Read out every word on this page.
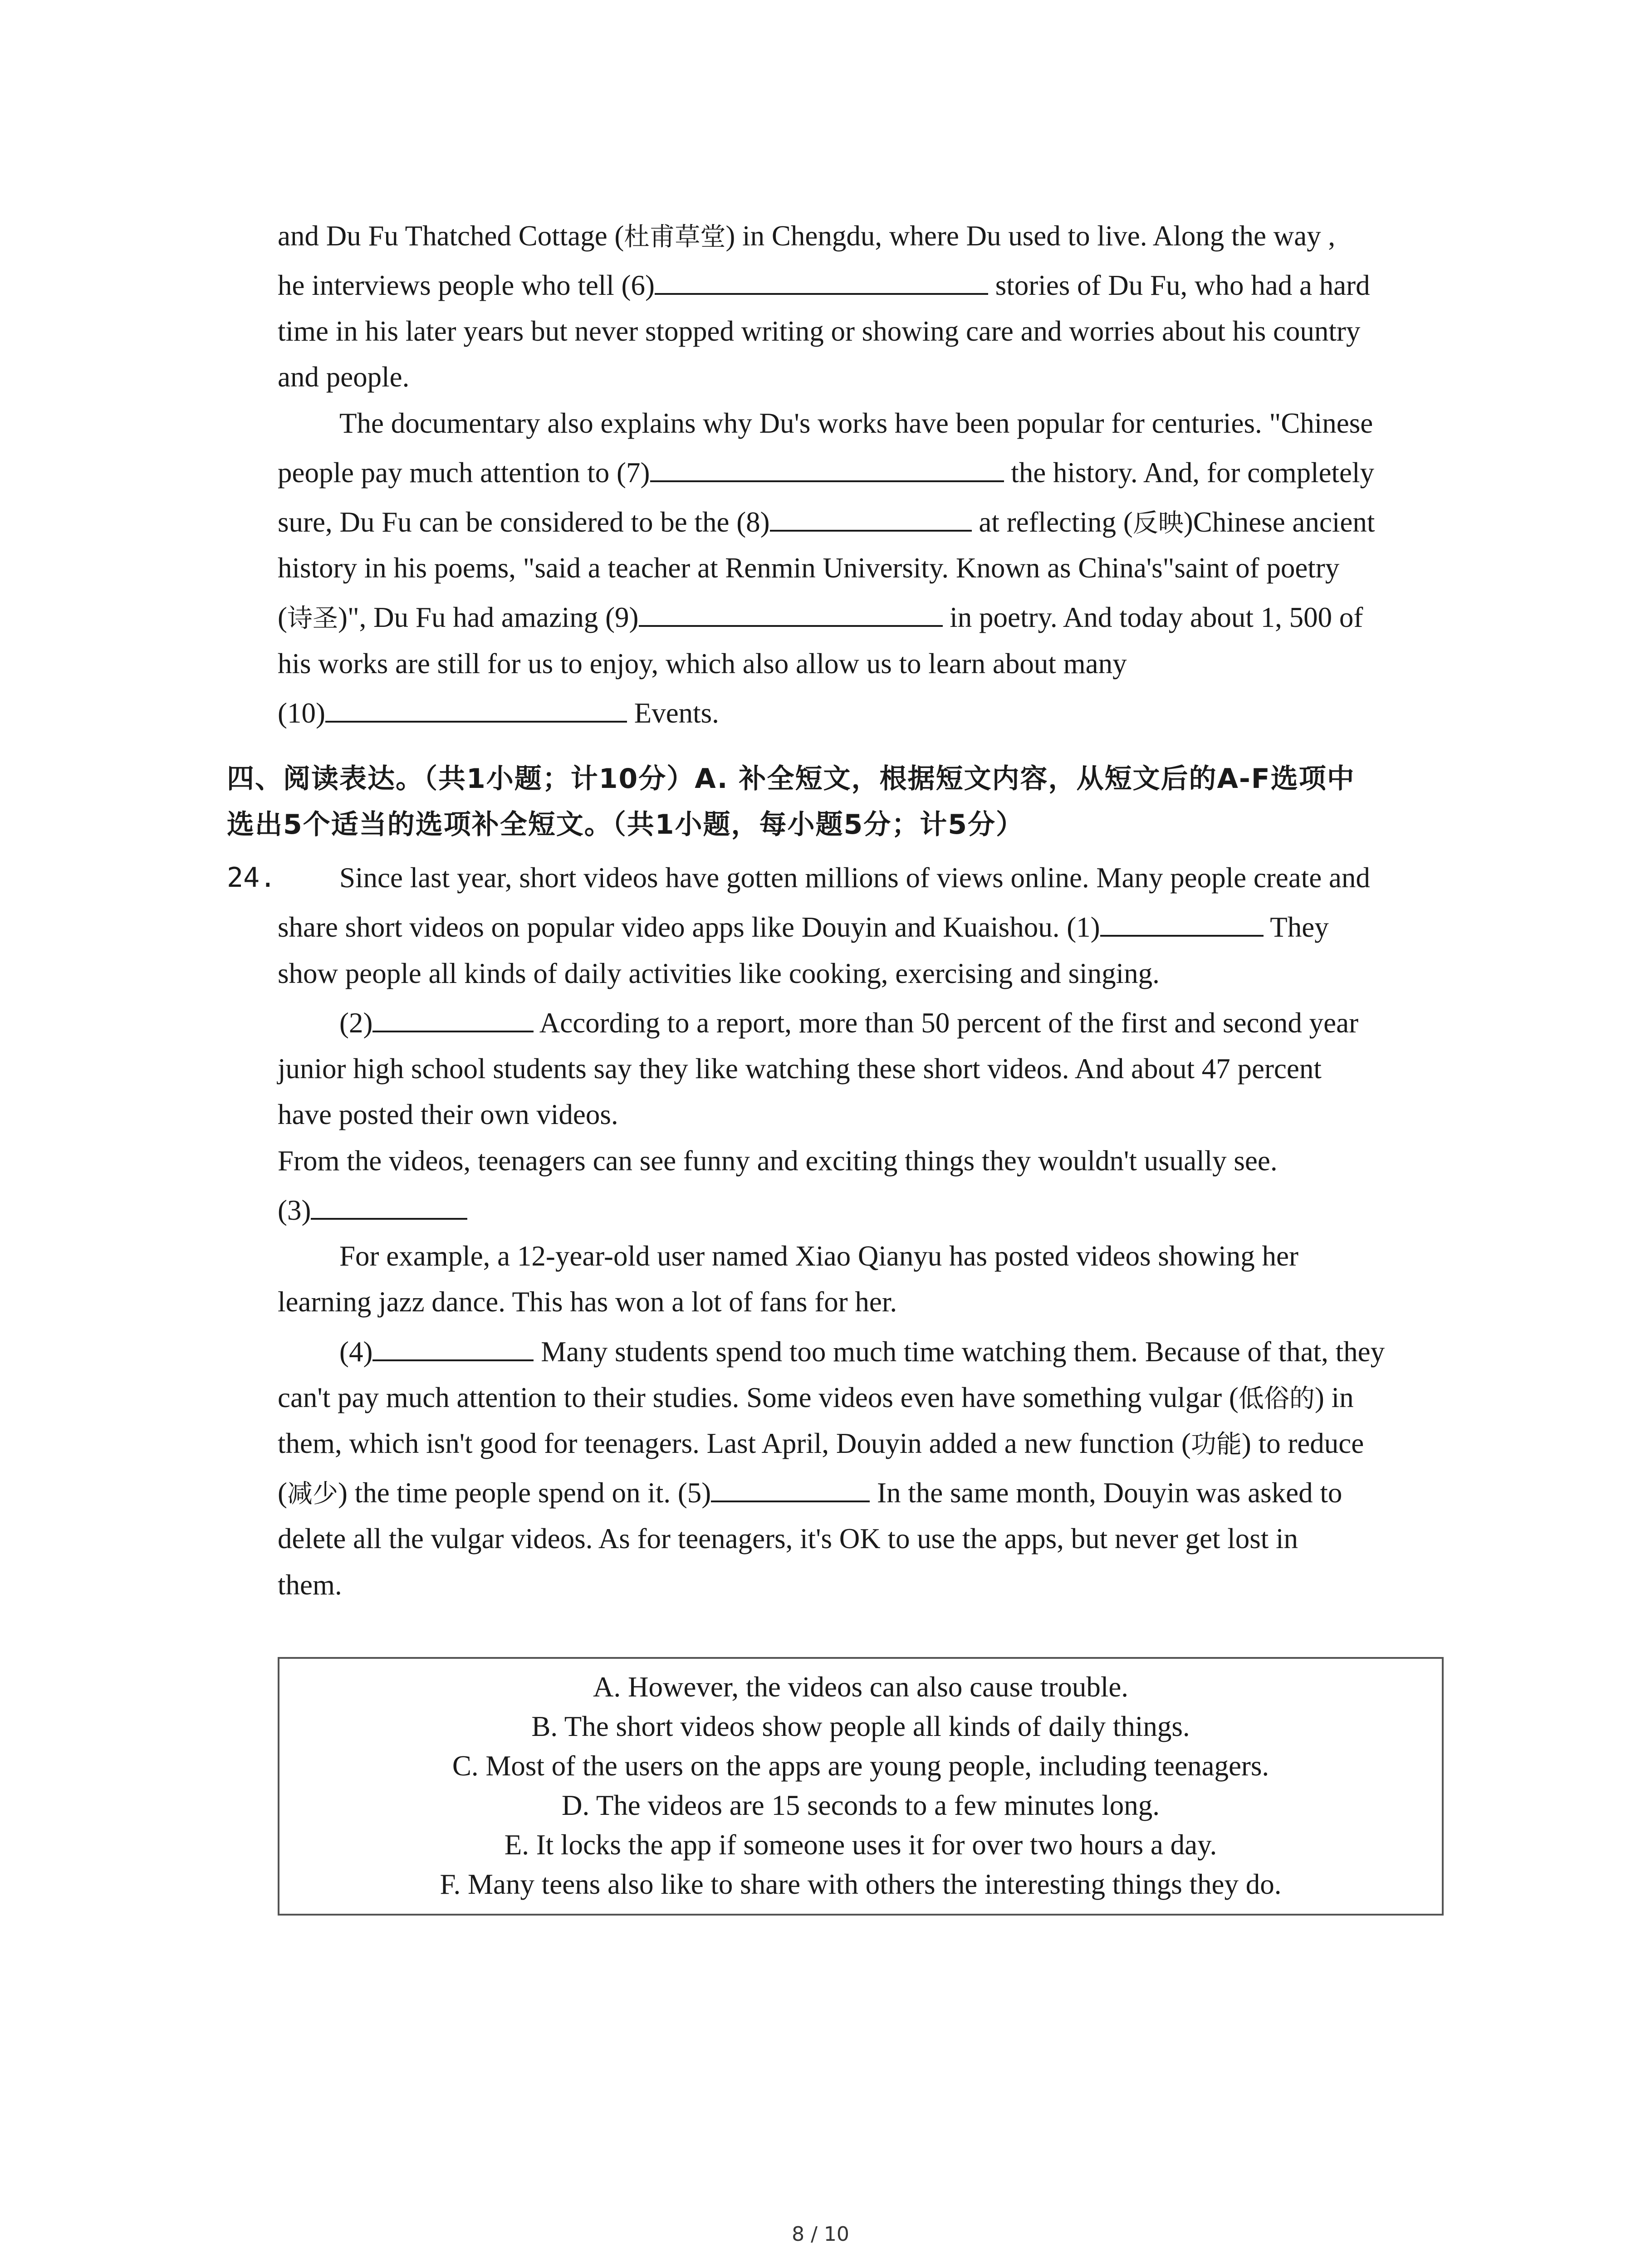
and Du Fu Thatched Cottage (杜甫草堂) in Chengdu, where Du used to live. Along the way ,
he interviews people who tell (6)	stories of Du Fu, who had a hard
time in his later years but never stopped writing or showing care and worries about his country
and people.
The documentary also explains why Du's works have been popular for centuries. "Chinese
people pay much attention to (7)	the history. And, for completely
sure, Du Fu can be considered to be the (8)	at reflecting (反映)Chinese ancient
history in his poems, "said a teacher at Renmin University. Known as China's"saint of poetry
(诗圣)", Du Fu had amazing (9)	in poetry. And today about 1, 500 of
his works are still for us to enjoy, which also allow us to learn about many
(10)	Events.
四、阅读表达。（共1小题；计10分）A. 补全短文，根据短文内容，从短文后的A-F选项中
选出5个适当的选项补全短文。（共1小题，每小题5分；计5分）
24. Since last year, short videos have gotten millions of views online. Many people create and
share short videos on popular video apps like Douyin and Kuaishou. (1)	They
show people all kinds of daily activities like cooking, exercising and singing.
(2)	According to a report, more than 50 percent of the first and second year
junior high school students say they like watching these short videos. And about 47 percent
have posted their own videos.
From the videos, teenagers can see funny and exciting things they wouldn't usually see.
(3)
For example, a 12-year-old user named Xiao Qianyu has posted videos showing her
learning jazz dance. This has won a lot of fans for her.
(4)	Many students spend too much time watching them. Because of that, they
can't pay much attention to their studies. Some videos even have something vulgar (低俗的) in
them, which isn't good for teenagers. Last April, Douyin added a new function (功能) to reduce
(减少) the time people spend on it. (5)	In the same month, Douyin was asked to
delete all the vulgar videos. As for teenagers, it's OK to use the apps, but never get lost in
them.
A. However, the videos can also cause trouble.
B. The short videos show people all kinds of daily things.
C. Most of the users on the apps are young people, including teenagers.
D. The videos are 15 seconds to a few minutes long.
E. It locks the app if someone uses it for over two hours a day.
F. Many teens also like to share with others the interesting things they do.
8 / 10
